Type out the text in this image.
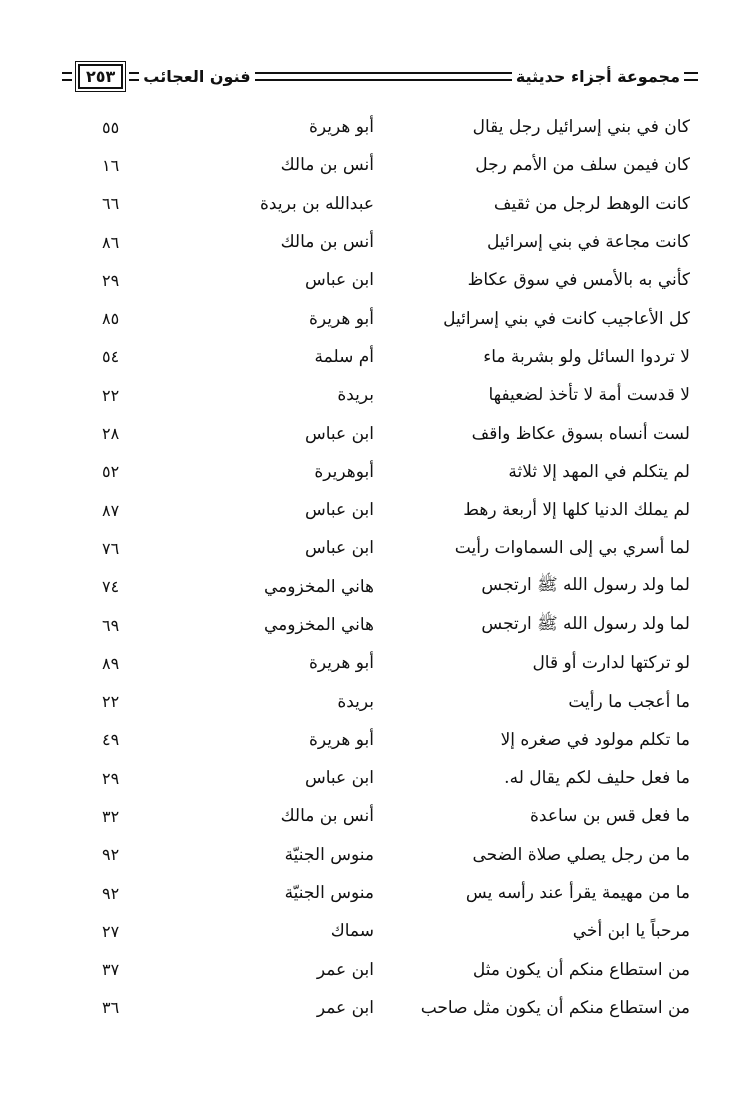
مجموعة أجزاء حديثية
فنون العجائب
٢٥٣
كان في بني إسرائيل رجل يقال
أبو هريرة
٥٥
كان فيمن سلف من الأمم رجل
أنس بن مالك
١٦
كانت الوهط لرجل من ثقيف
عبدالله بن بريدة
٦٦
كانت مجاعة في بني إسرائيل
أنس بن مالك
٨٦
كأني به بالأمس في سوق عكاظ
ابن عباس
٢٩
كل الأعاجيب كانت في بني إسرائيل
أبو هريرة
٨٥
لا تردوا السائل ولو بشربة ماء
أم سلمة
٥٤
لا قدست أمة لا تأخذ لضعيفها
بريدة
٢٢
لست أنساه بسوق عكاظ واقف
ابن عباس
٢٨
لم يتكلم في المهد إلا ثلاثة
أبوهريرة
٥٢
لم يملك الدنيا كلها إلا أربعة رهط
ابن عباس
٨٧
لما أسري بي إلى السماوات رأيت
ابن عباس
٧٦
لما ولد رسول الله ﷺ ارتجس
هاني المخزومي
٧٤
لما ولد رسول الله ﷺ ارتجس
هاني المخزومي
٦٩
لو تركتها لدارت أو قال
أبو هريرة
٨٩
ما أعجب ما رأيت
بريدة
٢٢
ما تكلم مولود في صغره إلا
أبو هريرة
٤٩
ما فعل حليف لكم يقال له.
ابن عباس
٢٩
ما فعل قس بن ساعدة
أنس بن مالك
٣٢
ما من رجل يصلي صلاة الضحى
منوس الجنيّة
٩٢
ما من مهيمة يقرأ عند رأسه يس
منوس الجنيّة
٩٢
مرحباً يا ابن أخي
سماك
٢٧
من استطاع منكم أن يكون مثل
ابن عمر
٣٧
من استطاع منكم أن يكون مثل صاحب
ابن عمر
٣٦
